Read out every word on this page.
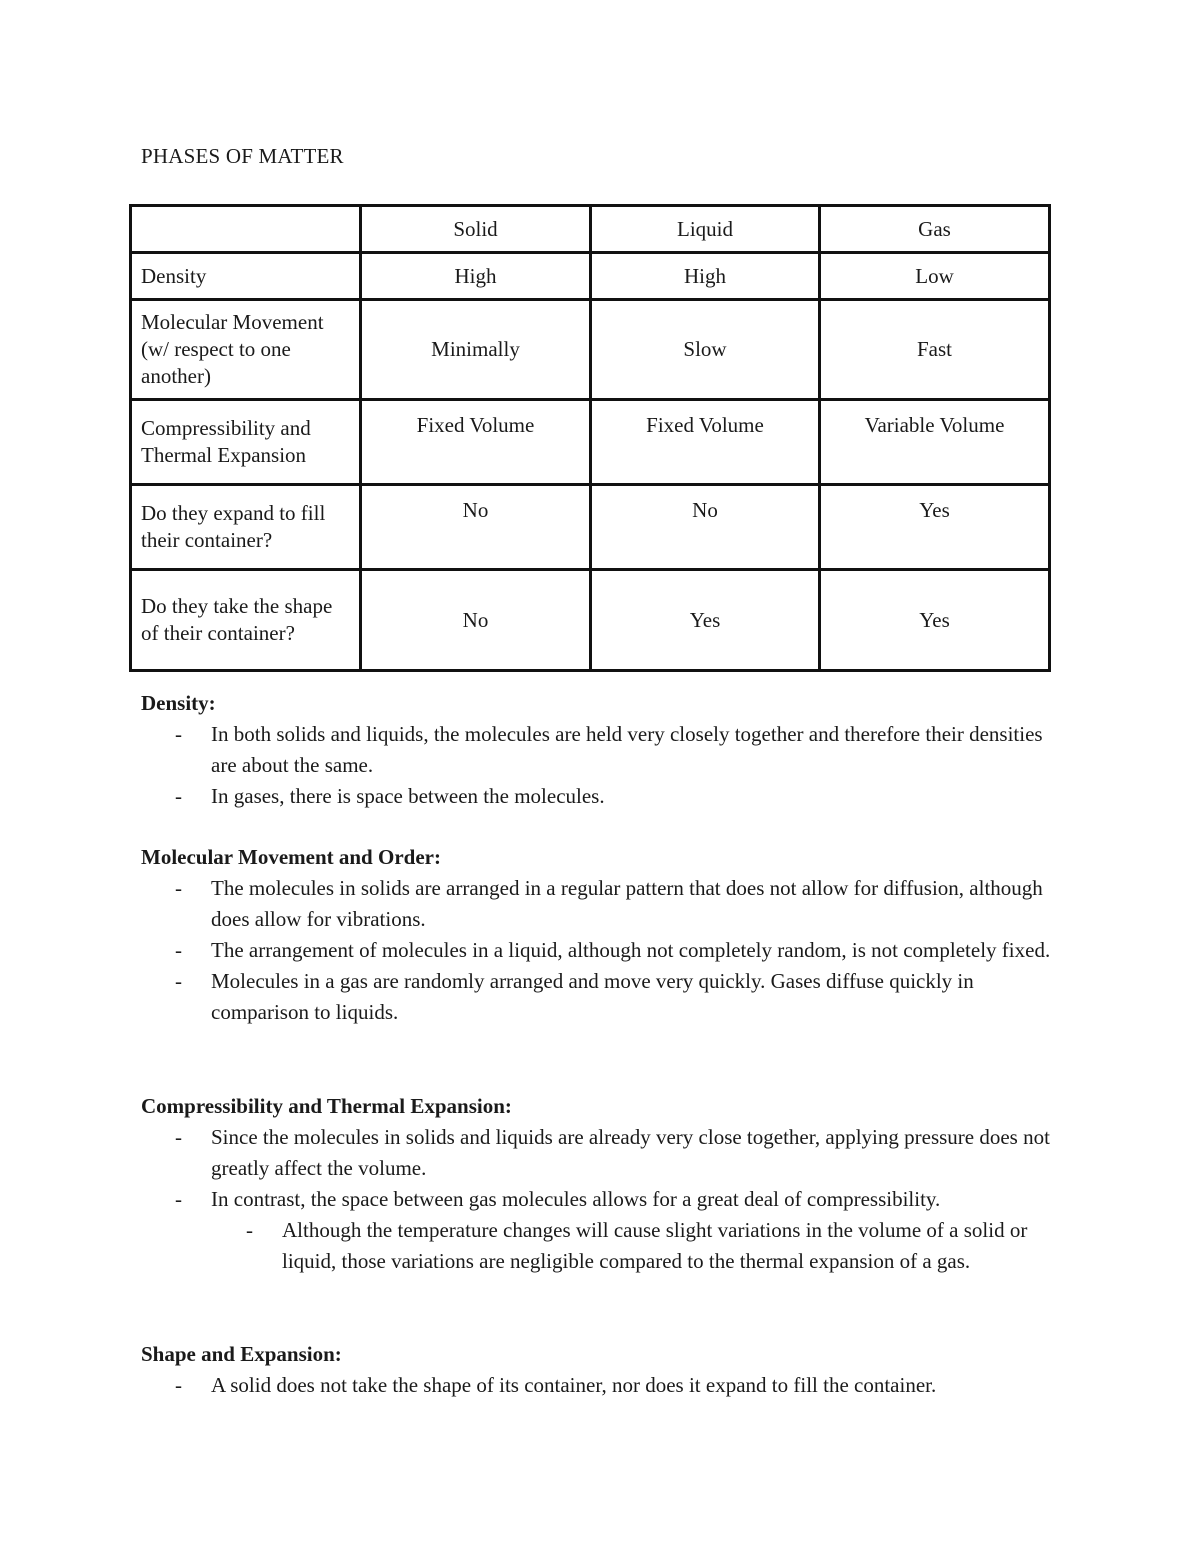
PHASES OF MATTER
	Solid	Liquid	Gas
Density	High	High	Low
Molecular Movement (w/ respect to one another)	Minimally	Slow	Fast
Compressibility and Thermal Expansion	Fixed Volume	Fixed Volume	Variable Volume
Do they expand to fill their container?	No	No	Yes
Do they take the shape of their container?	No	Yes	Yes
Density:
- In both solids and liquids, the molecules are held very closely together and therefore their densities are about the same.
- In gases, there is space between the molecules.
Molecular Movement and Order:
- The molecules in solids are arranged in a regular pattern that does not allow for diffusion, although does allow for vibrations.
- The arrangement of molecules in a liquid, although not completely random, is not completely fixed.
- Molecules in a gas are randomly arranged and move very quickly. Gases diffuse quickly in comparison to liquids.
Compressibility and Thermal Expansion:
- Since the molecules in solids and liquids are already very close together, applying pressure does not greatly affect the volume.
- In contrast, the space between gas molecules allows for a great deal of compressibility.
- Although the temperature changes will cause slight variations in the volume of a solid or liquid, those variations are negligible compared to the thermal expansion of a gas.
Shape and Expansion:
- A solid does not take the shape of its container, nor does it expand to fill the container.
